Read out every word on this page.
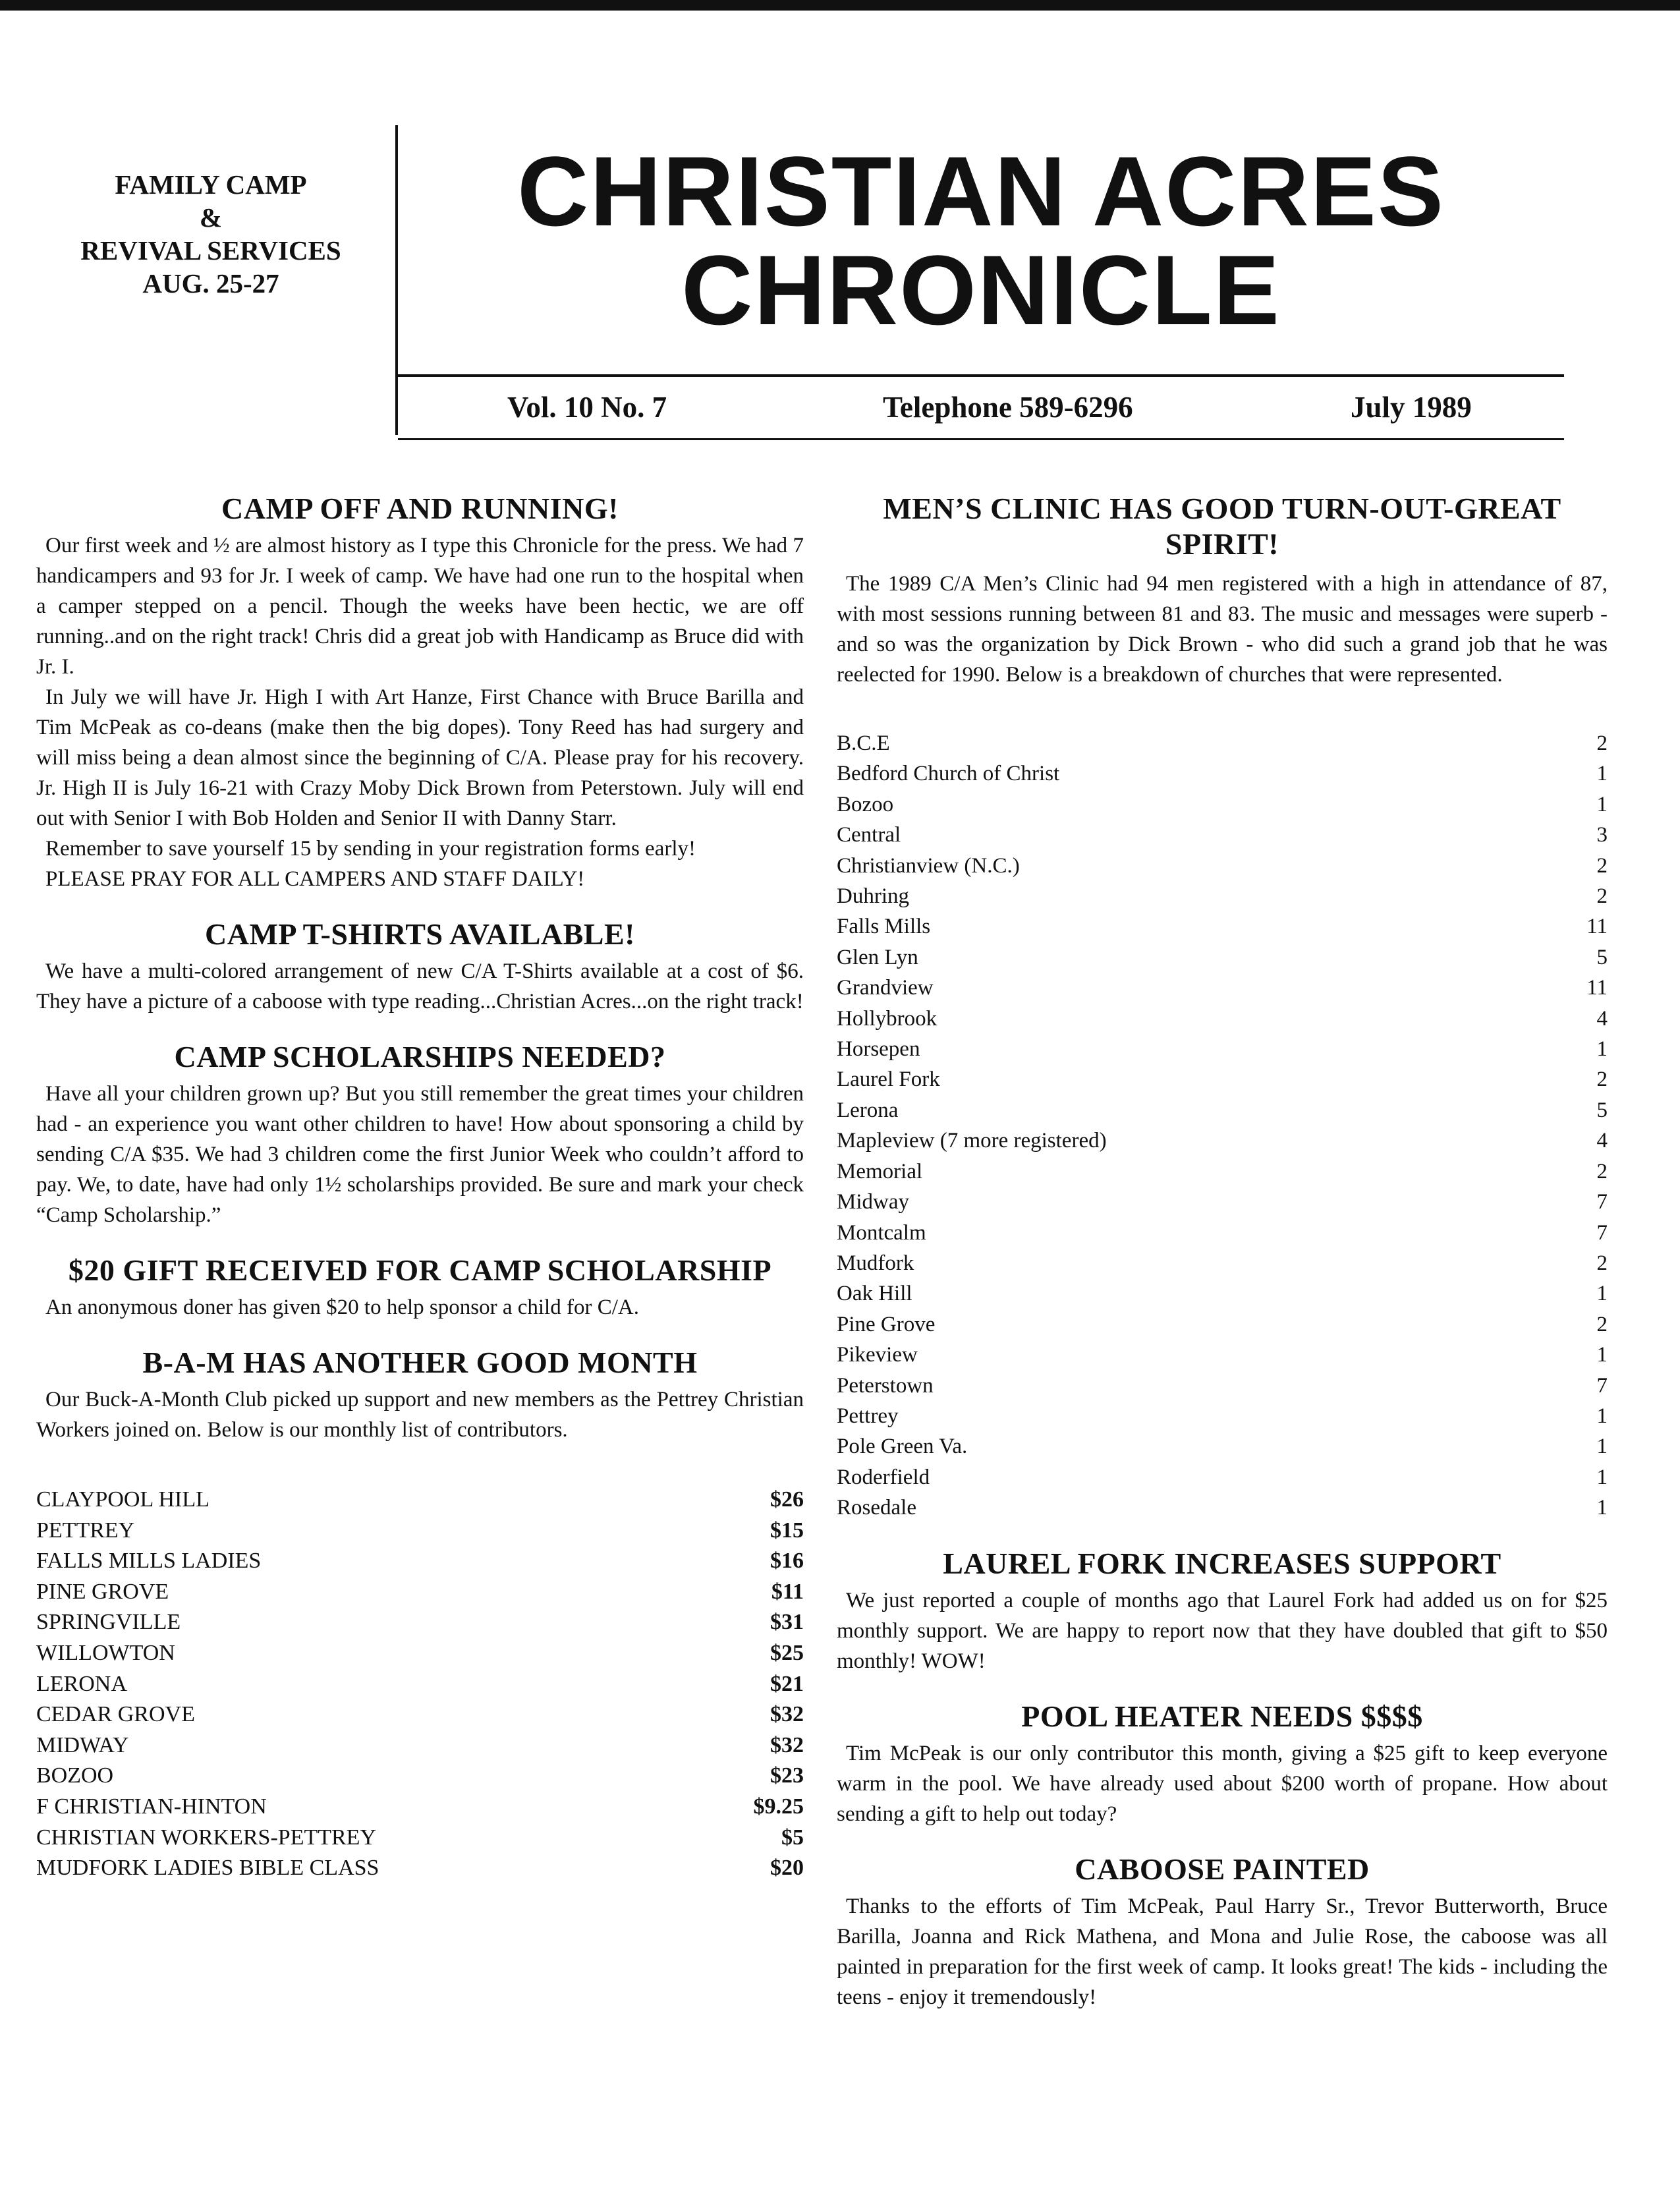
FAMILY CAMP
&
REVIVAL SERVICES
AUG. 25-27
CHRISTIAN ACRES
CHRONICLE
Vol. 10 No. 7	Telephone 589-6296	July 1989
CAMP OFF AND RUNNING!

Our first week and ½ are almost history as I type this Chronicle for the press. We had 7 handicampers and 93 for Jr. I week of camp. We have had one run to the hospital when a camper stepped on a pencil. Though the weeks have been hectic, we are off running..and on the right track! Chris did a great job with Handicamp as Bruce did with Jr. I.

In July we will have Jr. High I with Art Hanze, First Chance with Bruce Barilla and Tim McPeak as co-deans (make then the big dopes). Tony Reed has had surgery and will miss being a dean almost since the beginning of C/A. Please pray for his recovery. Jr. High II is July 16-21 with Crazy Moby Dick Brown from Peterstown. July will end out with Senior I with Bob Holden and Senior II with Danny Starr.

Remember to save yourself 15 by sending in your registration forms early!

PLEASE PRAY FOR ALL CAMPERS AND STAFF DAILY!

CAMP T-SHIRTS AVAILABLE!

We have a multi-colored arrangement of new C/A T-Shirts available at a cost of $6. They have a picture of a caboose with type reading...Christian Acres...on the right track!

CAMP SCHOLARSHIPS NEEDED?

Have all your children grown up? But you still remember the great times your children had - an experience you want other children to have! How about sponsoring a child by sending C/A $35. We had 3 children come the first Junior Week who couldn’t afford to pay. We, to date, have had only 1½ scholarships provided. Be sure and mark your check “Camp Scholarship.”

$20 GIFT RECEIVED FOR CAMP SCHOLARSHIP

An anonymous doner has given $20 to help sponsor a child for C/A.

B-A-M HAS ANOTHER GOOD MONTH

Our Buck-A-Month Club picked up support and new members as the Pettrey Christian Workers joined on. Below is our monthly list of contributors.

CLAYPOOL HILL	$26
PETTREY	$15
FALLS MILLS LADIES	$16
PINE GROVE	$11
SPRINGVILLE	$31
WILLOWTON	$25
LERONA	$21
CEDAR GROVE	$32
MIDWAY	$32
BOZOO	$23
F CHRISTIAN-HINTON	$9.25
CHRISTIAN WORKERS-PETTREY	$5
MUDFORK LADIES BIBLE CLASS	$20
MEN’S CLINIC HAS GOOD TURN-OUT-GREAT SPIRIT!

The 1989 C/A Men’s Clinic had 94 men registered with a high in attendance of 87, with most sessions running between 81 and 83. The music and messages were superb - and so was the organization by Dick Brown - who did such a grand job that he was reelected for 1990. Below is a breakdown of churches that were represented.

B.C.E	2
Bedford Church of Christ	1
Bozoo	1
Central	3
Christianview (N.C.)	2
Duhring	2
Falls Mills	11
Glen Lyn	5
Grandview	11
Hollybrook	4
Horsepen	1
Laurel Fork	2
Lerona	5
Mapleview (7 more registered)	4
Memorial	2
Midway	7
Montcalm	7
Mudfork	2
Oak Hill	1
Pine Grove	2
Pikeview	1
Peterstown	7
Pettrey	1
Pole Green Va.	1
Roderfield	1
Rosedale	1
LAUREL FORK INCREASES SUPPORT

We just reported a couple of months ago that Laurel Fork had added us on for $25 monthly support. We are happy to report now that they have doubled that gift to $50 monthly! WOW!

POOL HEATER NEEDS $$$$

Tim McPeak is our only contributor this month, giving a $25 gift to keep everyone warm in the pool. We have already used about $200 worth of propane. How about sending a gift to help out today?

CABOOSE PAINTED

Thanks to the efforts of Tim McPeak, Paul Harry Sr., Trevor Butterworth, Bruce Barilla, Joanna and Rick Mathena, and Mona and Julie Rose, the caboose was all painted in preparation for the first week of camp. It looks great! The kids - including the teens - enjoy it tremendously!
